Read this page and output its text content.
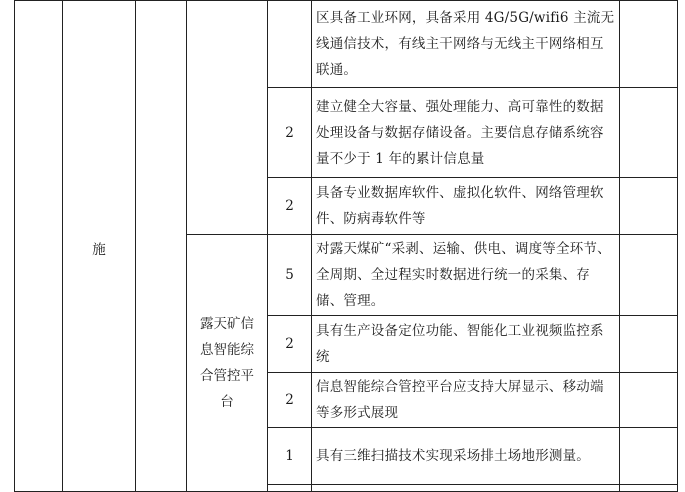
	施				区具备工业环网，具备采用 4G/5G/wifi6 主流无线通信技术，有线主干网络与无线主干网络相互联通。		

				2	建立健全大容量、强处理能力、高可靠性的数据处理设备与数据存储设备。主要信息存储系统容量不少于 1 年的累计信息量		

				2	具备专业数据库软件、虚拟化软件、网络管理软件、防病毒软件等		

			露天矿信息智能综合管控平台	5	对露天煤矿“采剥、运输、供电、调度等全环节、全周期、全过程实时数据进行统一的采集、存储、管理。		

				2	具有生产设备定位功能、智能化工业视频监控系统		

				2	信息智能综合管控平台应支持大屏显示、移动端等多形式展现		

				1	具有三维扫描技术实现采场排土场地形测量。		
